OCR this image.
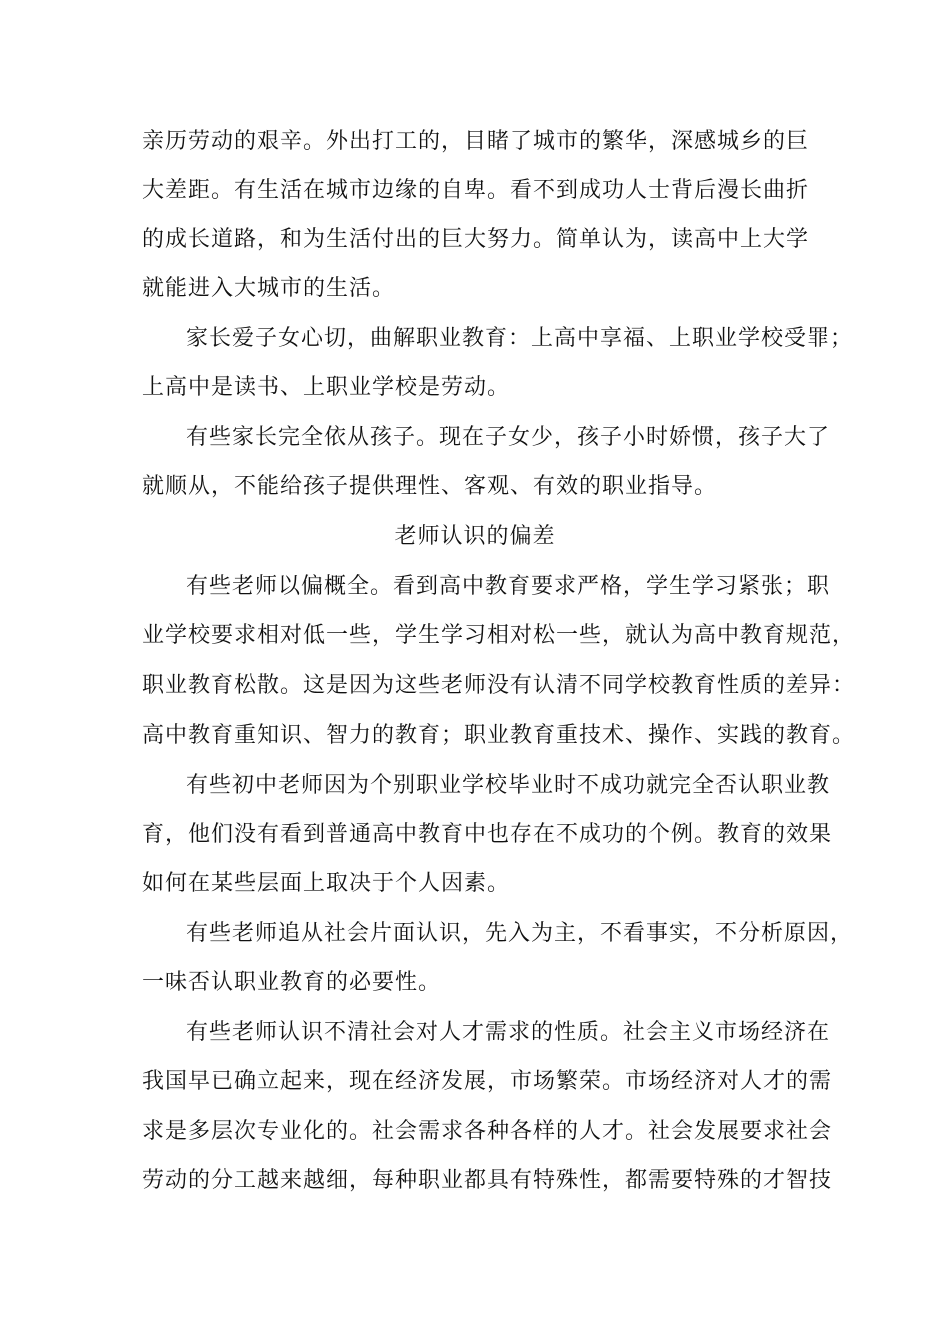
亲历劳动的艰辛。外出打工的，目睹了城市的繁华，深感城乡的巨
大差距。有生活在城市边缘的自卑。看不到成功人士背后漫长曲折
的成长道路，和为生活付出的巨大努力。简单认为，读高中上大学
就能进入大城市的生活。
家长爱子女心切，曲解职业教育：上高中享福、上职业学校受罪；
上高中是读书、上职业学校是劳动。
有些家长完全依从孩子。现在子女少，孩子小时娇惯，孩子大了
就顺从，不能给孩子提供理性、客观、有效的职业指导。
老师认识的偏差
有些老师以偏概全。看到高中教育要求严格，学生学习紧张；职
业学校要求相对低一些，学生学习相对松一些，就认为高中教育规范，
职业教育松散。这是因为这些老师没有认清不同学校教育性质的差异：
高中教育重知识、智力的教育；职业教育重技术、操作、实践的教育。
有些初中老师因为个别职业学校毕业时不成功就完全否认职业教
育，他们没有看到普通高中教育中也存在不成功的个例。教育的效果
如何在某些层面上取决于个人因素。
有些老师追从社会片面认识，先入为主，不看事实，不分析原因，
一味否认职业教育的必要性。
有些老师认识不清社会对人才需求的性质。社会主义市场经济在
我国早已确立起来，现在经济发展，市场繁荣。市场经济对人才的需
求是多层次专业化的。社会需求各种各样的人才。社会发展要求社会
劳动的分工越来越细，每种职业都具有特殊性，都需要特殊的才智技
